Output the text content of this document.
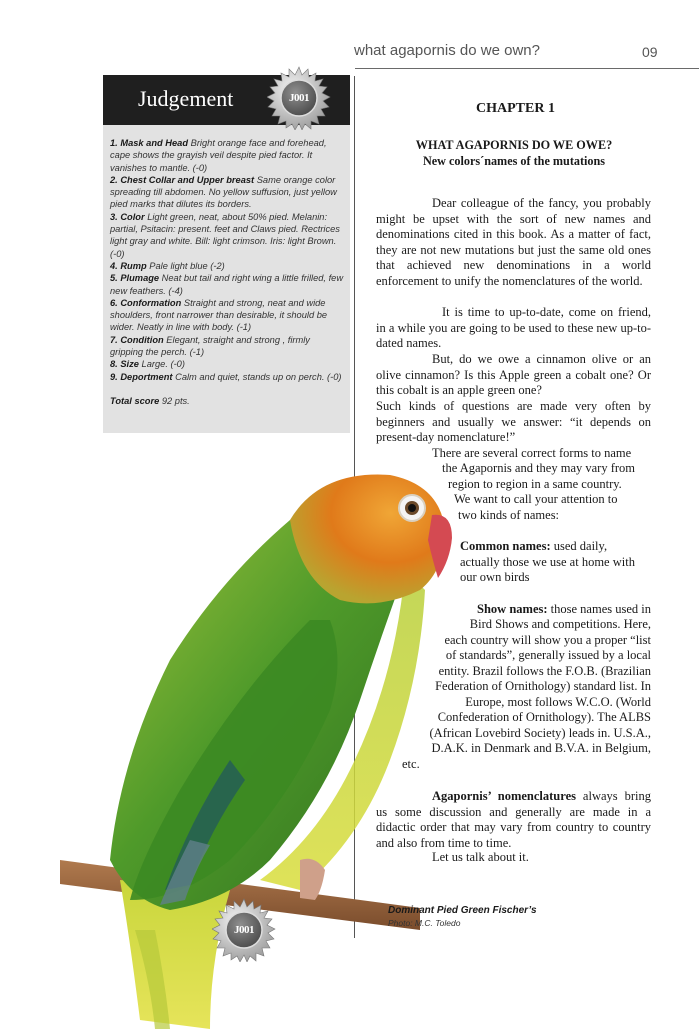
what agapornis do we own?	09
Judgement

1. Mask and Head Bright orange face and forehead, cape shows the grayish veil despite pied factor. It vanishes to mantle. (-0)

2. Chest Collar and Upper breast Same orange color spreading till abdomen. No yellow suffusion, just yellow pied marks that dilutes its borders.

3. Color Light green, neat, about 50% pied. Melanin: partial, Psitacin: present. feet and Claws pied. Rectrices light gray and white. Bill: light crimson. Iris: light Brown. (-0)

4. Rump Pale light blue (-2)

5. Plumage Neat but tail and right wing a little frilled, few new feathers. (-4)

6. Conformation Straight and strong, neat and wide shoulders, front narrower than desirable, it should be wider. Neatly in line with body. (-1)

7. Condition Elegant, straight and strong , firmly gripping the perch. (-1)

8. Size Large. (-0)

9. Deportment Calm and quiet, stands up on perch. (-0)

Total score 92 pts.

J001
CHAPTER 1
WHAT AGAPORNIS DO WE OWE?
New colors´names of the mutations
Dear colleague of the fancy, you probably might be upset with the sort of new names and denominations cited in this book. As a matter of fact, they are not new mutations but just the same old ones that achieved new denominations in a world enforcement to unify the nomenclatures of the world.
It is time to up-to-date, come on friend, in a while you are going to be used to these new up-to-dated names.
But, do we owe a cinnamon olive or an olive cinnamon? Is this Apple green a cobalt one? Or this cobalt is an apple green one?
Such kinds of questions are made very often by beginners and usually we answer: “it depends on present-day nomenclature!”
There are several correct forms to name
the Agapornis and they may vary from
region to region in a same country.
We want to call your attention to
two kinds of names:
Common names: used daily,
actually those we use at home with
our own birds
Show names: those names used in
Bird Shows and competitions. Here,
each country will show you a proper “list
of standards”, generally issued by a local
entity. Brazil follows the F.O.B. (Brazilian
Federation of Ornithology) standard list. In
Europe, most follows W.C.O. (World
Confederation of Ornithology). The ALBS
(African Lovebird Society) leads in. U.S.A.,
D.A.K. in Denmark and B.V.A. in Belgium,
etc.
Agapornis’ nomenclatures always bring us some discussion and generally are made in a didactic order that may vary from country to country and also from time to time.
Let us talk about it.
J001
Dominant Pied Green Fischer’s
Photo: M.C. Toledo
